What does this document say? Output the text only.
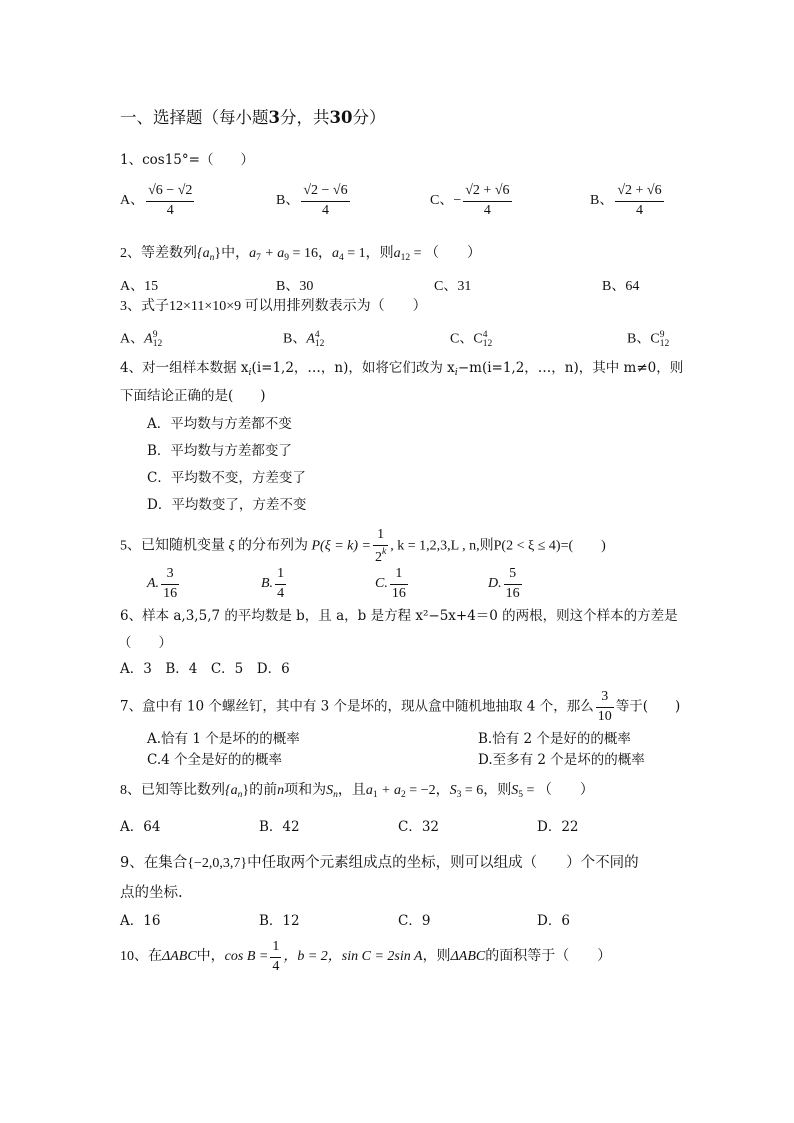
一、选择题（每小题3分，共30分）
1、cos15°=（　　）
A、 $\frac{√6 - √2}{4}$	B、 $\frac{√2 - √6}{4}$	C、− $\frac{√2 + √6}{4}$	B、 $\frac{√2 + √6}{4}$
2、等差数列$\{a_n\}$中，$a_7 + a_9 = 16$，$a_4 = 1$，则$a_{12}$ = （　　）
A、15	B、30	C、31	B、64
3、式子12×11×10×9 可以用排列数表示为（　　）
A、A 9
12	B、A 4
12	C、C 4
12	B、C 9
12
4、对一组样本数据 $x_i(i=1,2$，…，n)，如将它们改为 $x_i-m(i=1,2$，…，n)，其中 m≠0，则
下面结论正确的是(　　)
A．平均数与方差都不变
B．平均数与方差都变了
C．平均数不变，方差变了
D．平均数变了，方差不变
5、已知随机变量 ξ 的分布列为 $P(\xi = k) = \frac{1}{2^k}$ , k = 1,2,3,L , n,则P(2 < ξ ≤ 4)=(　　)
A. $\frac{3}{16}$	B. $\frac{1}{4}$	C. $\frac{1}{16}$	D. $\frac{5}{16}$
6、样本 a,3,5,7 的平均数是 b，且 a，b 是方程 x²−5x+4＝0 的两根，则这个样本的方差是
（　　）
A．3　B．4　C．5　D．6
7、盒中有 10 个螺丝钉，其中有 3 个是坏的，现从盒中随机地抽取 4 个，那么 $\frac{3}{10}$ 等于(　　)
A.恰有 1 个是坏的的概率	B.恰有 2 个是好的的概率
C.4 个全是好的的概率	D.至多有 2 个是坏的的概率
8、已知等比数列$\{a_n\}$的前n项和为$S_n$，且$a_1 + a_2 = -2$，$S_3 = 6$，则$S_5$ = （　　）
A．64	B．42	C．32	D．22
9、在集合{−2,0,3,7}中任取两个元素组成点的坐标，则可以组成（　　）个不同的
点的坐标.
A．16	B．12	C．9	D．6
10、在ΔABC中，$\cos B = \frac{1}{4}$ ，b = 2，sin C = 2sin A，则ΔABC的面积等于（　　）
